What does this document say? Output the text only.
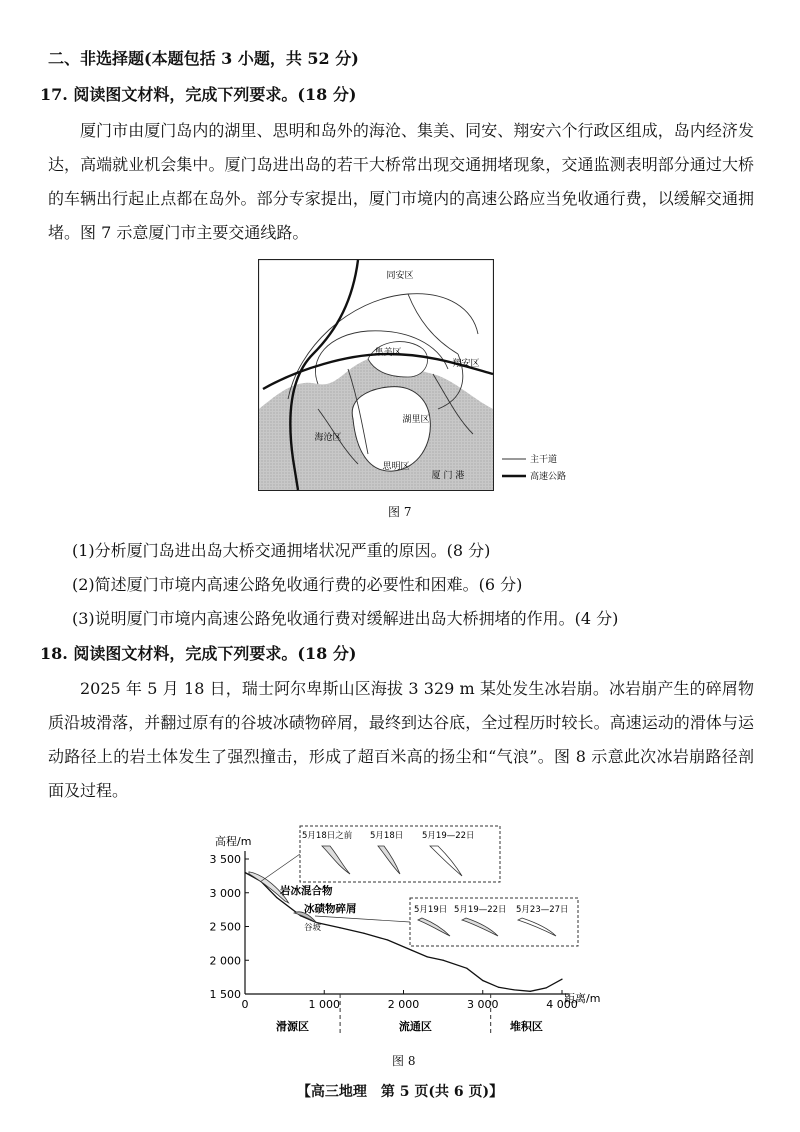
二、非选择题(本题包括 3 小题，共 52 分)
17. 阅读图文材料，完成下列要求。(18 分)
厦门市由厦门岛内的湖里、思明和岛外的海沧、集美、同安、翔安六个行政区组成，岛内经济发达，高端就业机会集中。厦门岛进出岛的若干大桥常出现交通拥堵现象，交通监测表明部分通过大桥的车辆出行起止点都在岛外。部分专家提出，厦门市境内的高速公路应当免收通行费，以缓解交通拥堵。图 7 示意厦门市主要交通线路。
同安区
集美区
翔安区
湖里区
海沧区
思明区
厦 门 港
主干道
高速公路
图 7
(1)分析厦门岛进出岛大桥交通拥堵状况严重的原因。(8 分)
(2)简述厦门市境内高速公路免收通行费的必要性和困难。(6 分)
(3)说明厦门市境内高速公路免收通行费对缓解进出岛大桥拥堵的作用。(4 分)
18. 阅读图文材料，完成下列要求。(18 分)
2025 年 5 月 18 日，瑞士阿尔卑斯山区海拔 3 329 m 某处发生冰岩崩。冰岩崩产生的碎屑物质沿坡滑落，并翻过原有的谷坡冰碛物碎屑，最终到达谷底，全过程历时较长。高速运动的滑体与运动路径上的岩土体发生了强烈撞击，形成了超百米高的扬尘和“气浪”。图 8 示意此次冰岩崩路径剖面及过程。
高程/m
距离/m
3 500
3 000
2 500
2 000
1 500
0	1 000	2 000	3 000	4 000
滑源区	流通区	堆积区
5月18日之前 5月18日 5月19—22日
5月19日 5月19—22日 5月23—27日
岩冰混合物
冰碛物碎屑
谷坡
图 8
【高三地理　第 5 页(共 6 页)】
